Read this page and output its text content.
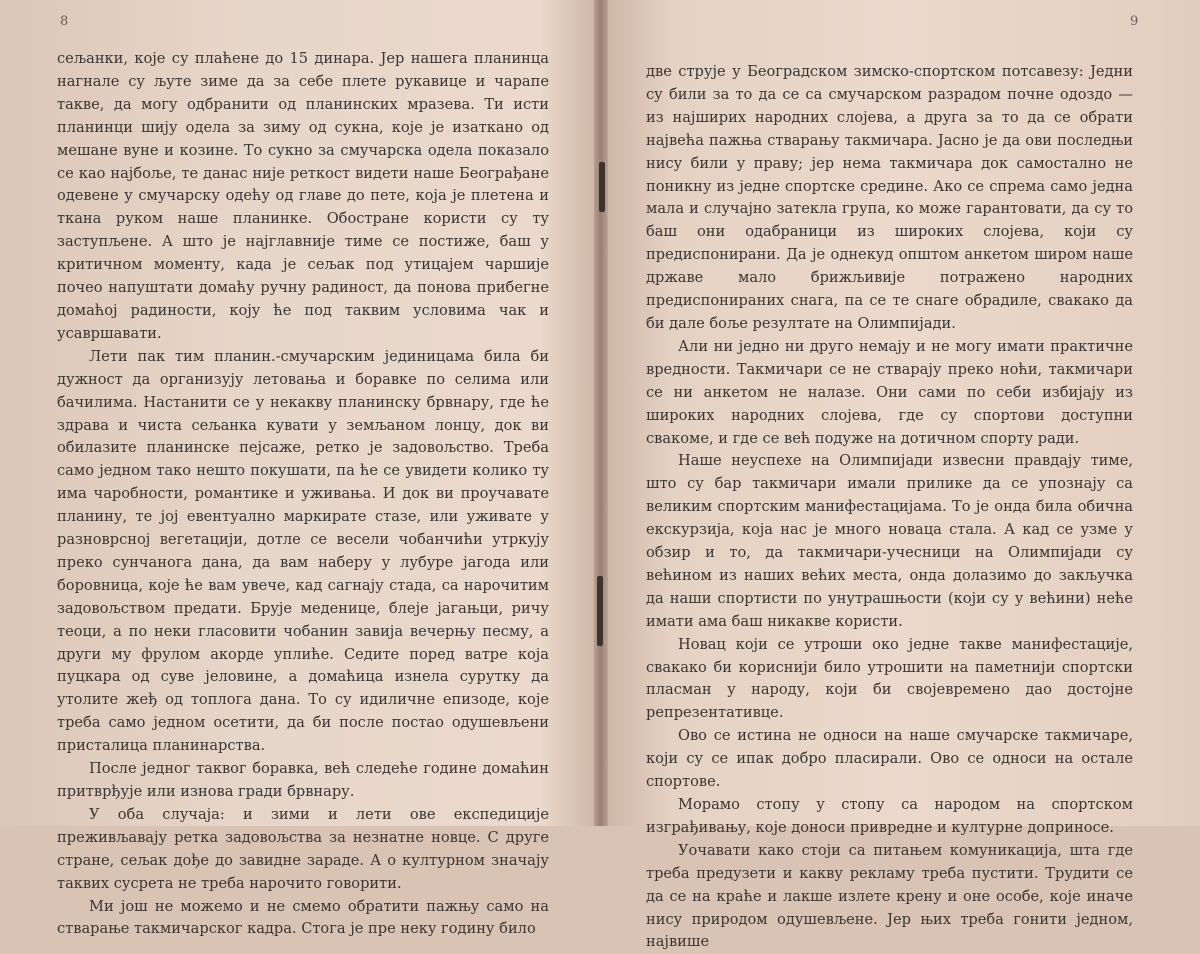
8

сељанки, које су плаћене до 15 динара. Јер нашега планинца нагнале су љуте зиме да за себе плете рукавице и чарапе такве, да могу одбранити од планинских мразева. Ти исти планинци шију одела за зиму од сукна, које је изаткано од мешане вуне и козине. То сукно за смучарска одела показало се као најбоље, те данас није реткост видети наше Београђане одевене у смучарску одећу од главе до пете, која је плетена и ткана руком наше планинке. Обостране користи су ту заступљене. А што је најглавније тиме се постиже, баш у критичном моменту, када је сељак под утицајем чаршије почео напуштати домаћу ручну радиност, да понова прибегне домаћој радиности, коју ће под таквим условима чак и усавршавати.

Лети пак тим планин.-смучарским јединицама била би дужност да организују летовања и боравке по селима или бачилима. Настанити се у некакву планинску брвнару, где ће здрава и чиста сељанка кувати у земљаном лонцу, док ви обилазите планинске пејсаже, ретко је задовољство. Треба само једном тако нешто покушати, па ће се увидети колико ту има чаробности, романтике и уживања. И док ви проучавате планину, те јој евентуално маркирате стазе, или уживате у разноврсној вегетацији, дотле се весели чобанчићи утркују преко сунчаногa дана, да вам наберу у лубуре јагода или боровница, које ће вам увече, кад сагнају стада, са нарочитим задовољством предати. Брује меденице, блеје јагањци, ричу теоци, а по неки гласовити чобанин завија вечерњу песму, а други му фрулом акорде уплиће. Седите поред ватре која пуцкара од суве јеловине, а домаћица изнела сурутку да утолите жеђ од топлога дана. То су идиличне епизоде, које треба само једном осетити, да би после постао одушевљени присталица планинарства.

После једног таквог боравка, већ следеће године домаћин притврђује или изнова гради брвнару.

У оба случаја: и зими и лети ове експедиције преживљавају ретка задовољства за незнатне новце. С друге стране, сељак дође до завидне зараде. А о културном значају таквих сусрета не треба нарочито говорити.

Ми још не можемо и не смемо обратити пажњу само на стварање такмичарског кадра. Стога је пре неку годину било

9

две струје у Београдском зимско-спортском потсавезу: Једни су били за то да се са смучарском разрадом почне одоздо — из најширих народних слојева, а друга за то да се обрати највећа пажња стварању такмичара. Јасно је да ови последњи нису били у праву; јер нема такмичара док самостално не поникну из једне спортске средине. Ако се спрема само једна мала и случајно затекла група, ко може гарантовати, да су то баш они одабраници из широких слојева, који су предиспонирани. Да је однекуд општом анкетом широм наше државе мало брижљивије потражено народних предиспонираних снага, па се те снаге обрадиле, свакако да би дале боље резултате на Олимпијади.

Али ни једно ни друго немају и не могу имати практичне вредности. Такмичари се не стварају преко ноћи, такмичари се ни анкетом не налазе. Они сами по себи избијају из широких народних слојева, где су спортови доступни свакоме, и где се већ подуже на дотичном спорту ради.

Наше неуспехе на Олимпијади извесни правдају тиме, што су бар такмичари имали прилике да се упознају са великим спортским манифестацијама. То је онда била обична екскурзија, која нас је много новаца стала. А кад се узме у обзир и то, да такмичари-учесници на Олимпијади су већином из наших већих места, онда долазимо до закључка да наши спортисти по унутрашњости (који су у већини) неће имати ама баш никакве користи.

Новац који се утроши око једне такве манифестације, свакако би кориснији било утрошити на паметнији спортски пласман у народу, који би својевремено дао достојне репрезентативце.

Ово се истина не односи на наше смучарске такмичаре, који су се ипак добро пласирали. Ово се односи на остале спортове.

Морамо стопу у стопу са народом на спортском изграђивању, које доноси привредне и културне доприносе.

Уочавати како стоји са питањем комуникација, шта где треба предузети и какву рекламу треба пустити. Трудити се да се на краће и лакше излете крену и оне особе, које иначе нису природом одушевљене. Јер њих треба гонити једном, највише
